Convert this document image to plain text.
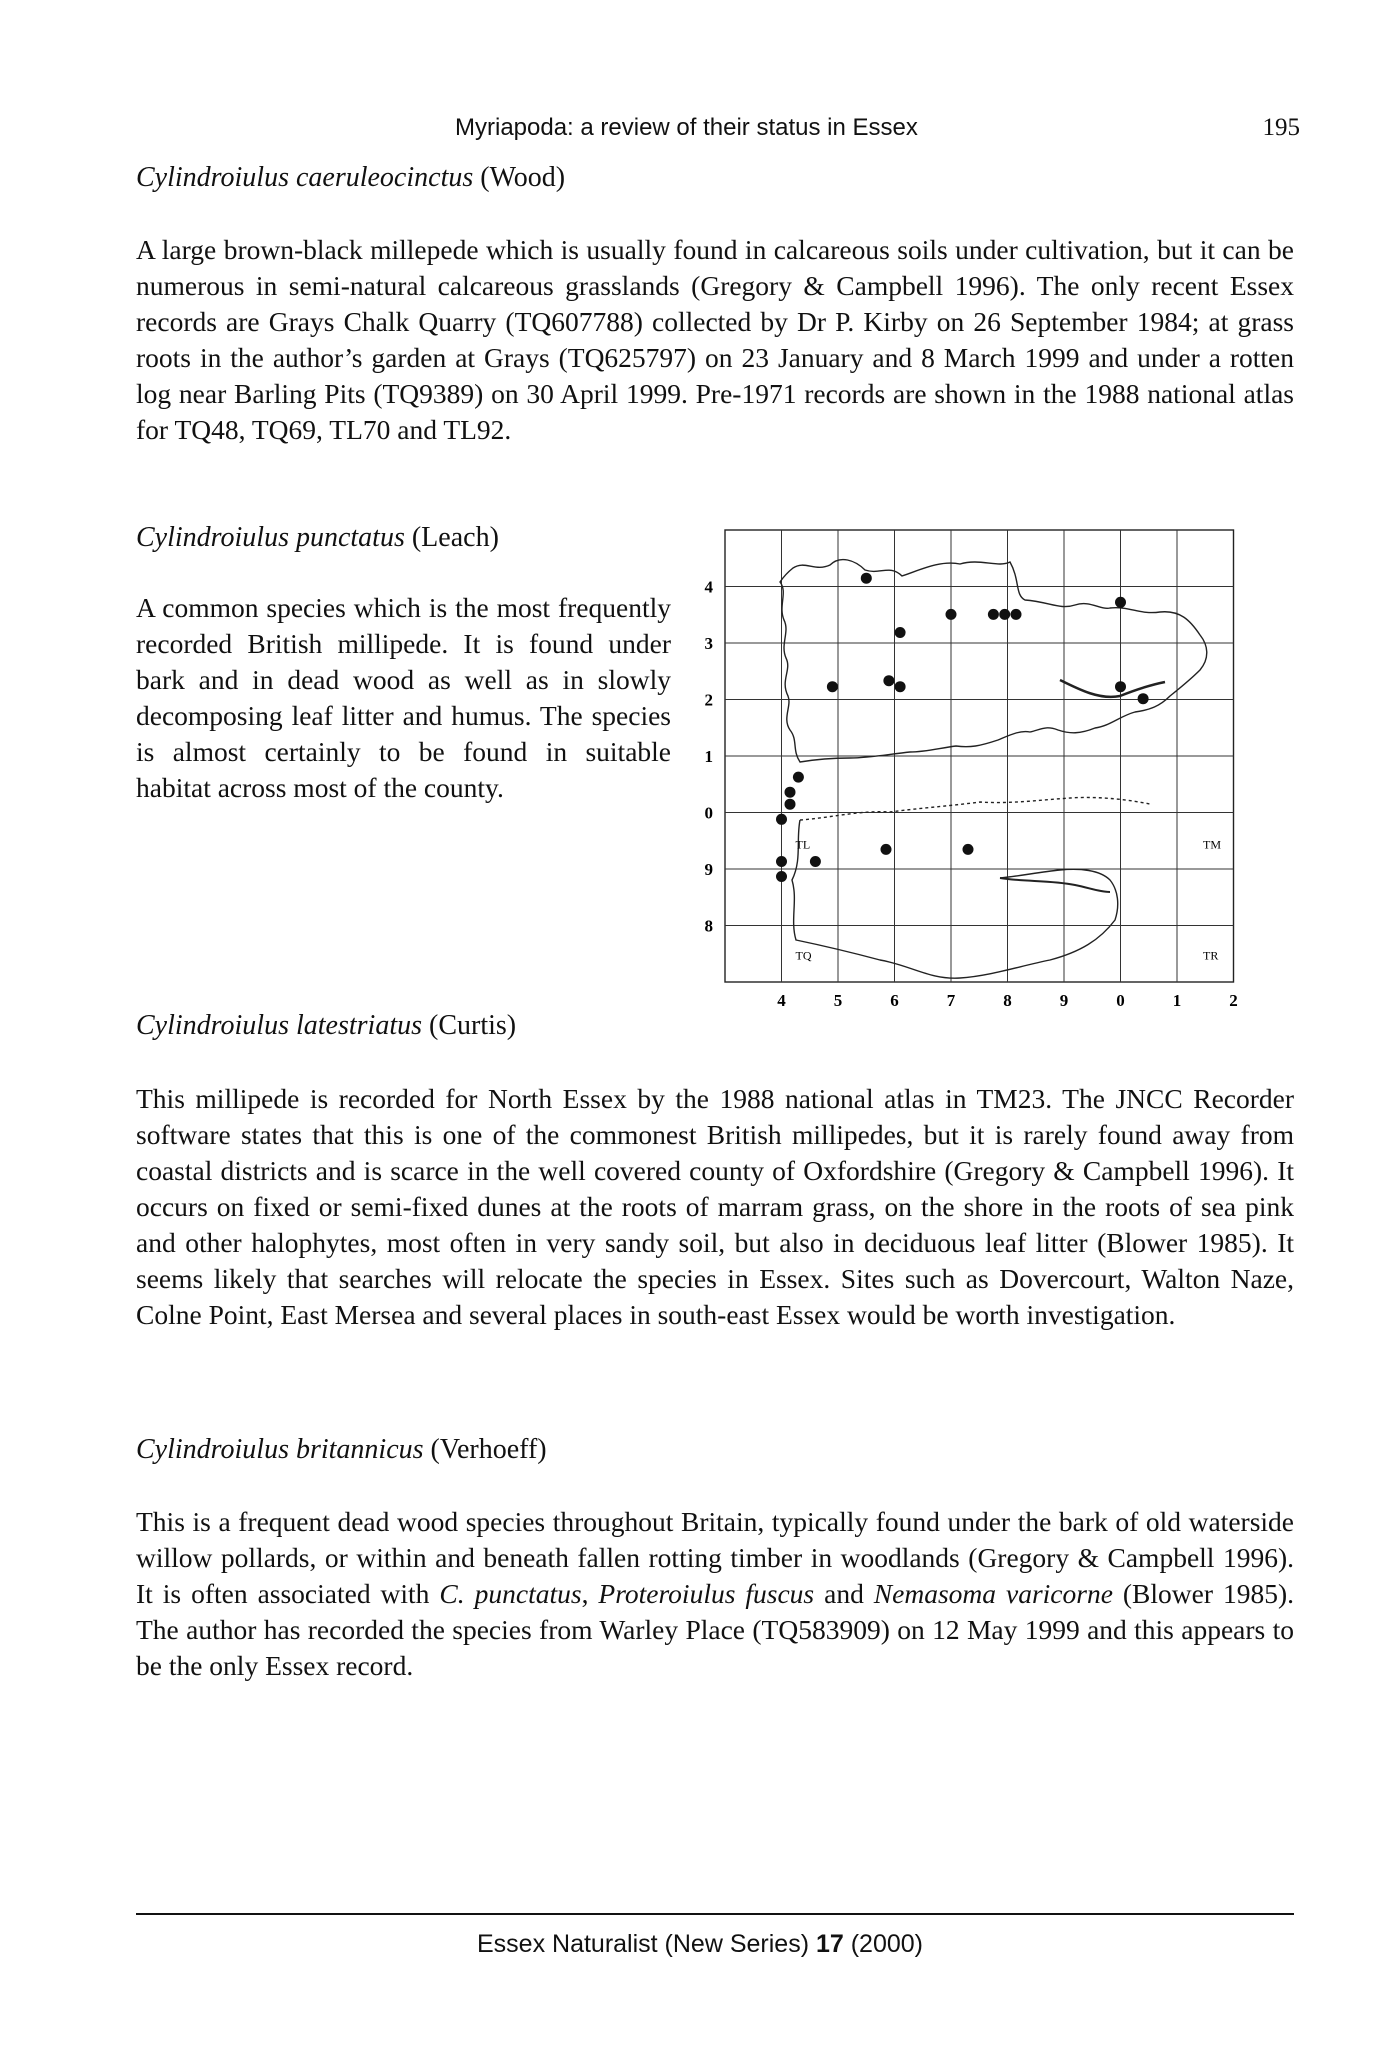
Myriapoda: a review of their status in Essex	195
Cylindroiulus caeruleocinctus (Wood)

A large brown-black millepede which is usually found in calcareous soils under cultivation, but it can be numerous in semi-natural calcareous grasslands (Gregory & Campbell 1996). The only recent Essex records are Grays Chalk Quarry (TQ607788) collected by Dr P. Kirby on 26 September 1984; at grass roots in the author’s garden at Grays (TQ625797) on 23 January and 8 March 1999 and under a rotten log near Barling Pits (TQ9389) on 30 April 1999. Pre-1971 records are shown in the 1988 national atlas for TQ48, TQ69, TL70 and TL92.

Cylindroiulus punctatus (Leach)

A common species which is the most frequently recorded British millipede. It is found under bark and in dead wood as well as in slowly decomposing leaf litter and humus. The species is almost certainly to be found in suitable habitat across most of the county.

4	5	6	7	8	9	0	1	2
4
3
2
1
0
9
8
TL	TM
TQ	TR
Cylindroiulus latestriatus (Curtis)

This millipede is recorded for North Essex by the 1988 national atlas in TM23. The JNCC Recorder software states that this is one of the commonest British millipedes, but it is rarely found away from coastal districts and is scarce in the well covered county of Oxfordshire (Gregory & Campbell 1996). It occurs on fixed or semi-fixed dunes at the roots of marram grass, on the shore in the roots of sea pink and other halophytes, most often in very sandy soil, but also in deciduous leaf litter (Blower 1985). It seems likely that searches will relocate the species in Essex. Sites such as Dovercourt, Walton Naze, Colne Point, East Mersea and several places in south-east Essex would be worth investigation.

Cylindroiulus britannicus (Verhoeff)

This is a frequent dead wood species throughout Britain, typically found under the bark of old waterside willow pollards, or within and beneath fallen rotting timber in woodlands (Gregory & Campbell 1996). It is often associated with C. punctatus, Proteroiulus fuscus and Nemasoma varicorne (Blower 1985). The author has recorded the species from Warley Place (TQ583909) on 12 May 1999 and this appears to be the only Essex record.

Essex Naturalist (New Series) 17 (2000)
